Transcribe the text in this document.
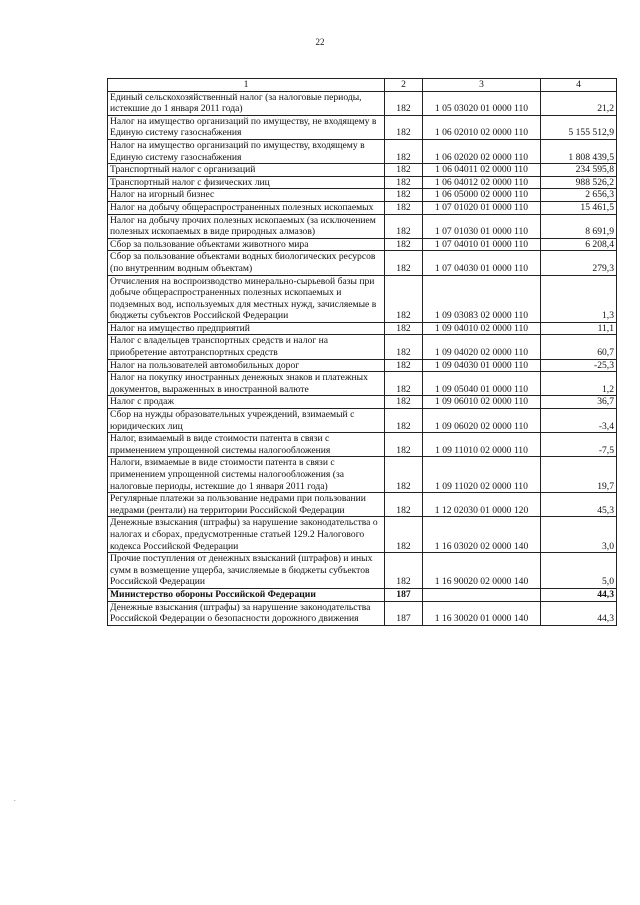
22
1	2	3	4
Единый сельскохозяйственный налог (за налоговые периоды, истекшие до 1 января 2011 года)	182	1 05 03020 01 0000 110	21,2
Налог на имущество организаций по имуществу, не входящему в Единую систему газоснабжения	182	1 06 02010 02 0000 110	5 155 512,9
Налог на имущество организаций по имуществу, входящему в Единую систему газоснабжения	182	1 06 02020 02 0000 110	1 808 439,5
Транспортный налог с организаций	182	1 06 04011 02 0000 110	234 595,8
Транспортный налог с физических лиц	182	1 06 04012 02 0000 110	988 526,2
Налог на игорный бизнес	182	1 06 05000 02 0000 110	2 656,3
Налог на добычу общераспространенных полезных ископаемых	182	1 07 01020 01 0000 110	15 461,5
Налог на добычу прочих полезных ископаемых (за исключением полезных ископаемых в виде природных алмазов)	182	1 07 01030 01 0000 110	8 691,9
Сбор за пользование объектами животного мира	182	1 07 04010 01 0000 110	6 208,4
Сбор за пользование объектами водных биологических ресурсов (по внутренним водным объектам)	182	1 07 04030 01 0000 110	279,3
Отчисления на воспроизводство минерально-сырьевой базы при добыче общераспространенных полезных ископаемых и подземных вод, используемых для местных нужд, зачисляемые в бюджеты субъектов Российской Федерации	182	1 09 03083 02 0000 110	1,3
Налог на имущество предприятий	182	1 09 04010 02 0000 110	11,1
Налог с владельцев транспортных средств и налог на приобретение автотранспортных средств	182	1 09 04020 02 0000 110	60,7
Налог на пользователей автомобильных дорог	182	1 09 04030 01 0000 110	-25,3
Налог на покупку иностранных денежных знаков и платежных документов, выраженных в иностранной валюте	182	1 09 05040 01 0000 110	1,2
Налог с продаж	182	1 09 06010 02 0000 110	36,7
Сбор на нужды образовательных учреждений, взимаемый с юридических лиц	182	1 09 06020 02 0000 110	-3,4
Налог, взимаемый в виде стоимости патента в связи с применением упрощенной системы налогообложения	182	1 09 11010 02 0000 110	-7,5
Налоги, взимаемые в виде стоимости патента в связи с применением упрощенной системы налогообложения (за налоговые периоды, истекшие до 1 января 2011 года)	182	1 09 11020 02 0000 110	19,7
Регулярные платежи за пользование недрами при пользовании недрами (рентали) на территории Российской Федерации	182	1 12 02030 01 0000 120	45,3
Денежные взыскания (штрафы) за нарушение законодательства о налогах и сборах, предусмотренные статьей 129.2 Налогового кодекса Российской Федерации	182	1 16 03020 02 0000 140	3,0
Прочие поступления от денежных взысканий (штрафов) и иных сумм в возмещение ущерба, зачисляемые в бюджеты субъектов Российской Федерации	182	1 16 90020 02 0000 140	5,0
Министерство обороны Российской Федерации	187		44,3
Денежные взыскания (штрафы) за нарушение законодательства Российской Федерации о безопасности дорожного движения	187	1 16 30020 01 0000 140	44,3
.
